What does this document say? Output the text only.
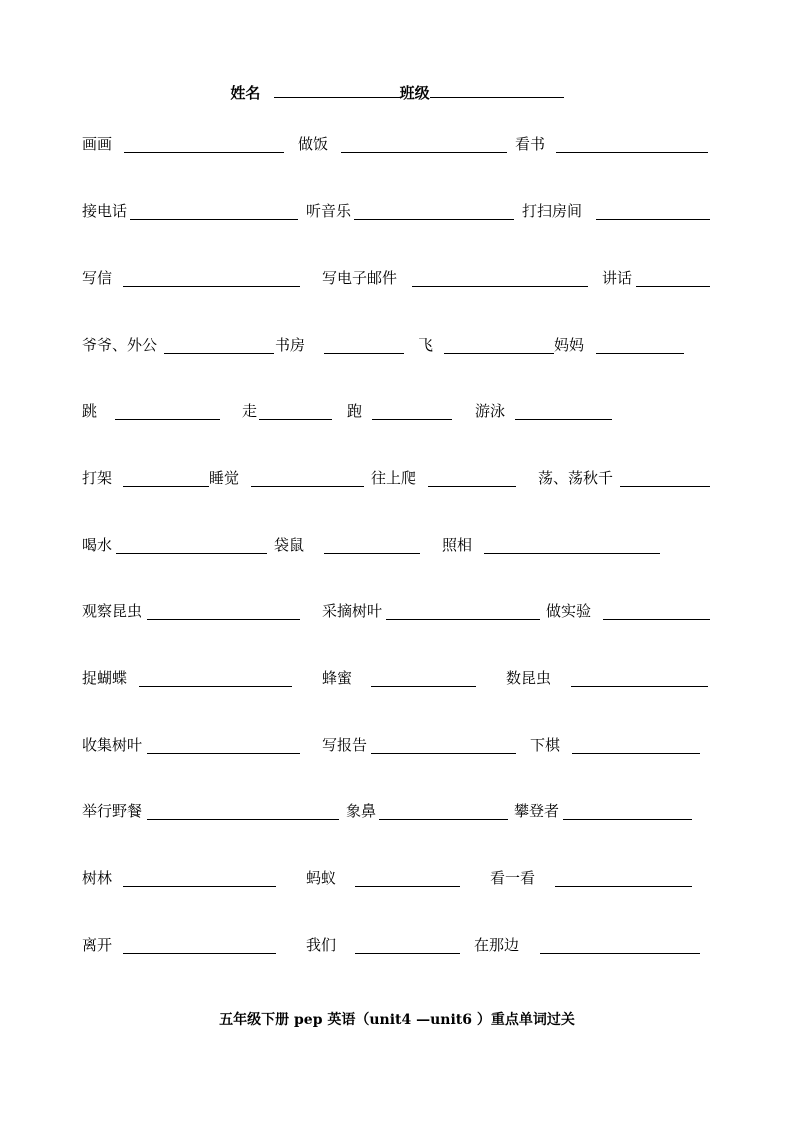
姓名	班级
画画	做饭	看书
接电话	听音乐	打扫房间
写信	写电子邮件	讲话
爷爷、外公	书房	飞	妈妈
跳	走	跑	游泳
打架	睡觉	往上爬	荡、荡秋千
喝水	袋鼠	照相
观察昆虫	采摘树叶	做实验
捉蝴蝶	蜂蜜	数昆虫
收集树叶	写报告	下棋
举行野餐	象鼻	攀登者
树林	蚂蚁	看一看
离开	我们	在那边
五年级下册 pep 英语（unit4 —unit6 ）重点单词过关
